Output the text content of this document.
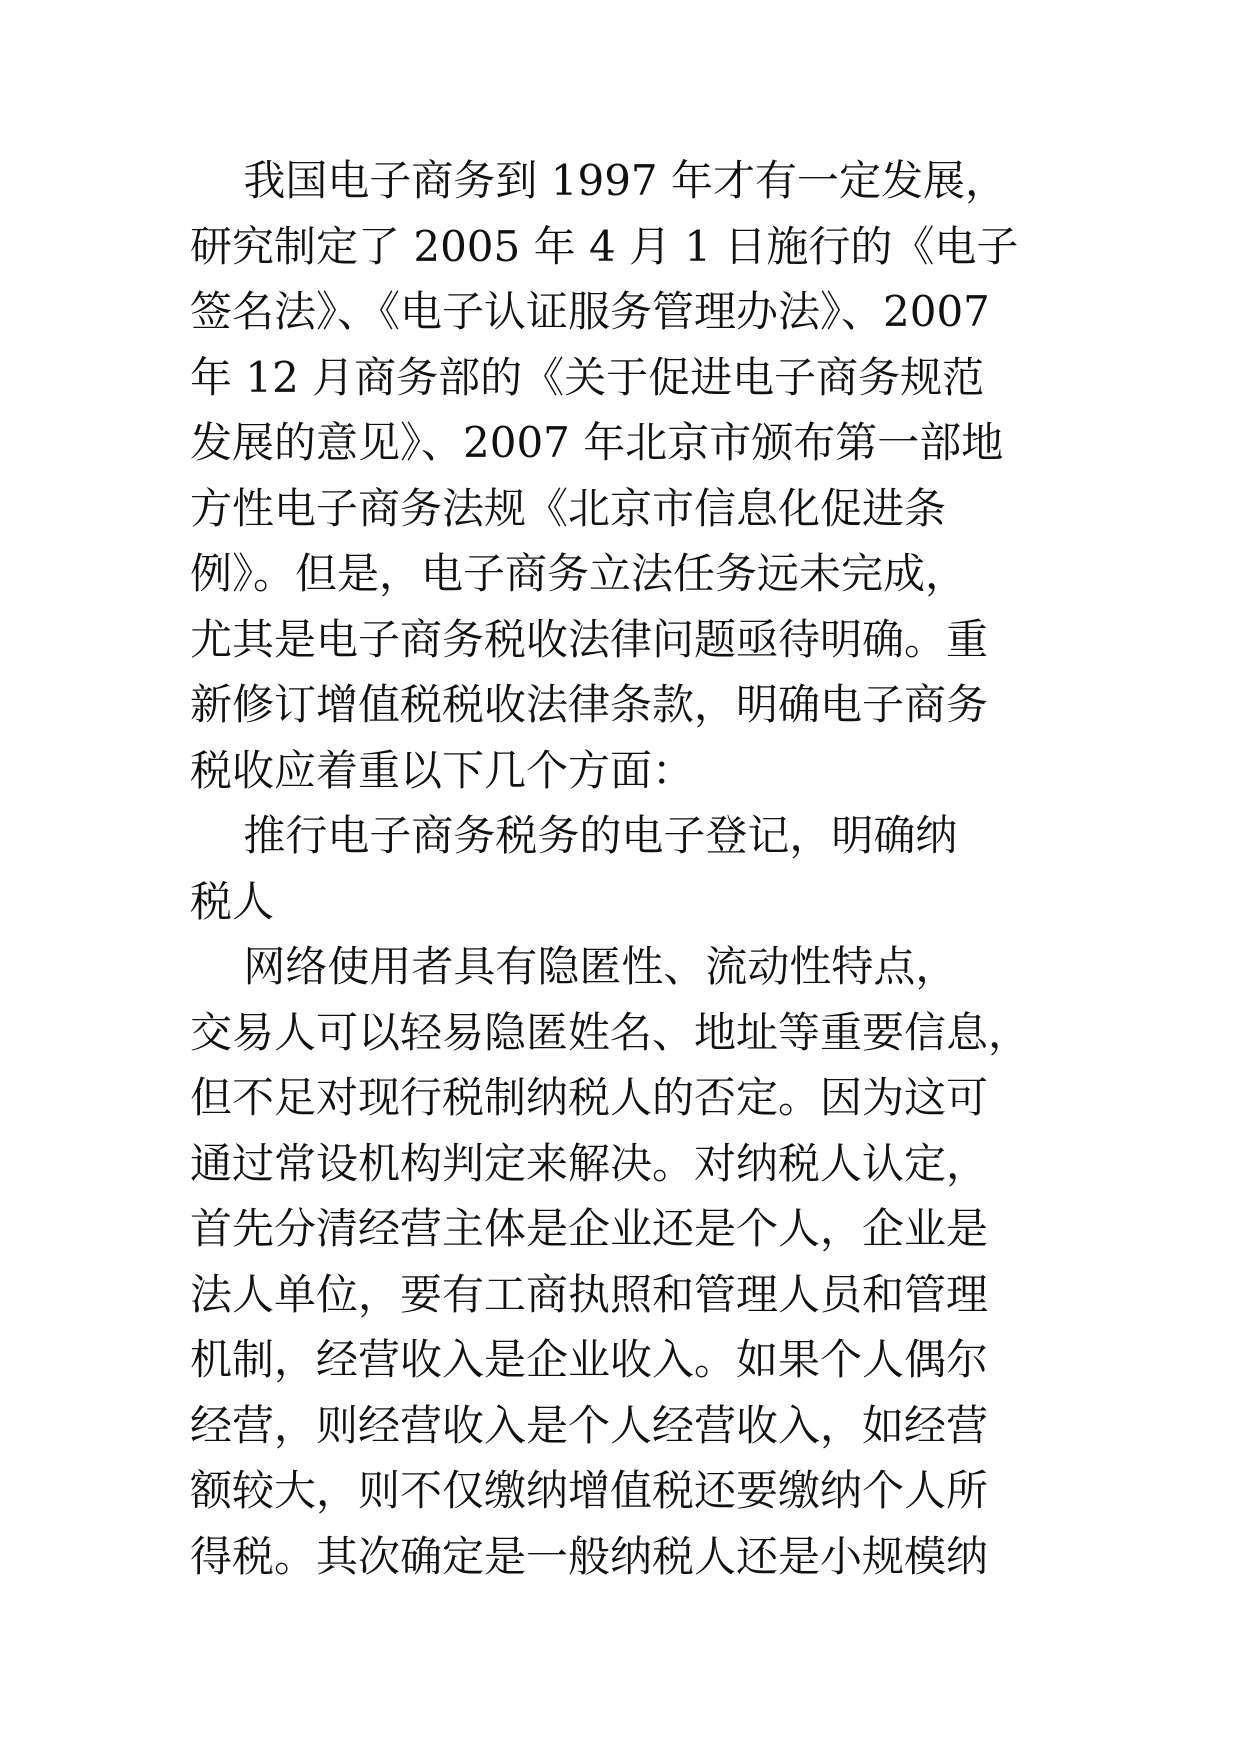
我国电子商务到 1997 年才有一定发展，
研究制定了 2005 年 4 月 1 日施行的《电子
签名法》、《电子认证服务管理办法》、2007
年 12 月商务部的《关于促进电子商务规范
发展的意见》、2007 年北京市颁布第一部地
方性电子商务法规《北京市信息化促进条
例》。但是，电子商务立法任务远未完成，
尤其是电子商务税收法律问题亟待明确。重
新修订增值税税收法律条款，明确电子商务
税收应着重以下几个方面：
推行电子商务税务的电子登记，明确纳
税人
网络使用者具有隐匿性、流动性特点，
交易人可以轻易隐匿姓名、地址等重要信息，
但不足对现行税制纳税人的否定。因为这可
通过常设机构判定来解决。对纳税人认定，
首先分清经营主体是企业还是个人，企业是
法人单位，要有工商执照和管理人员和管理
机制，经营收入是企业收入。如果个人偶尔
经营，则经营收入是个人经营收入，如经营
额较大，则不仅缴纳增值税还要缴纳个人所
得税。其次确定是一般纳税人还是小规模纳
